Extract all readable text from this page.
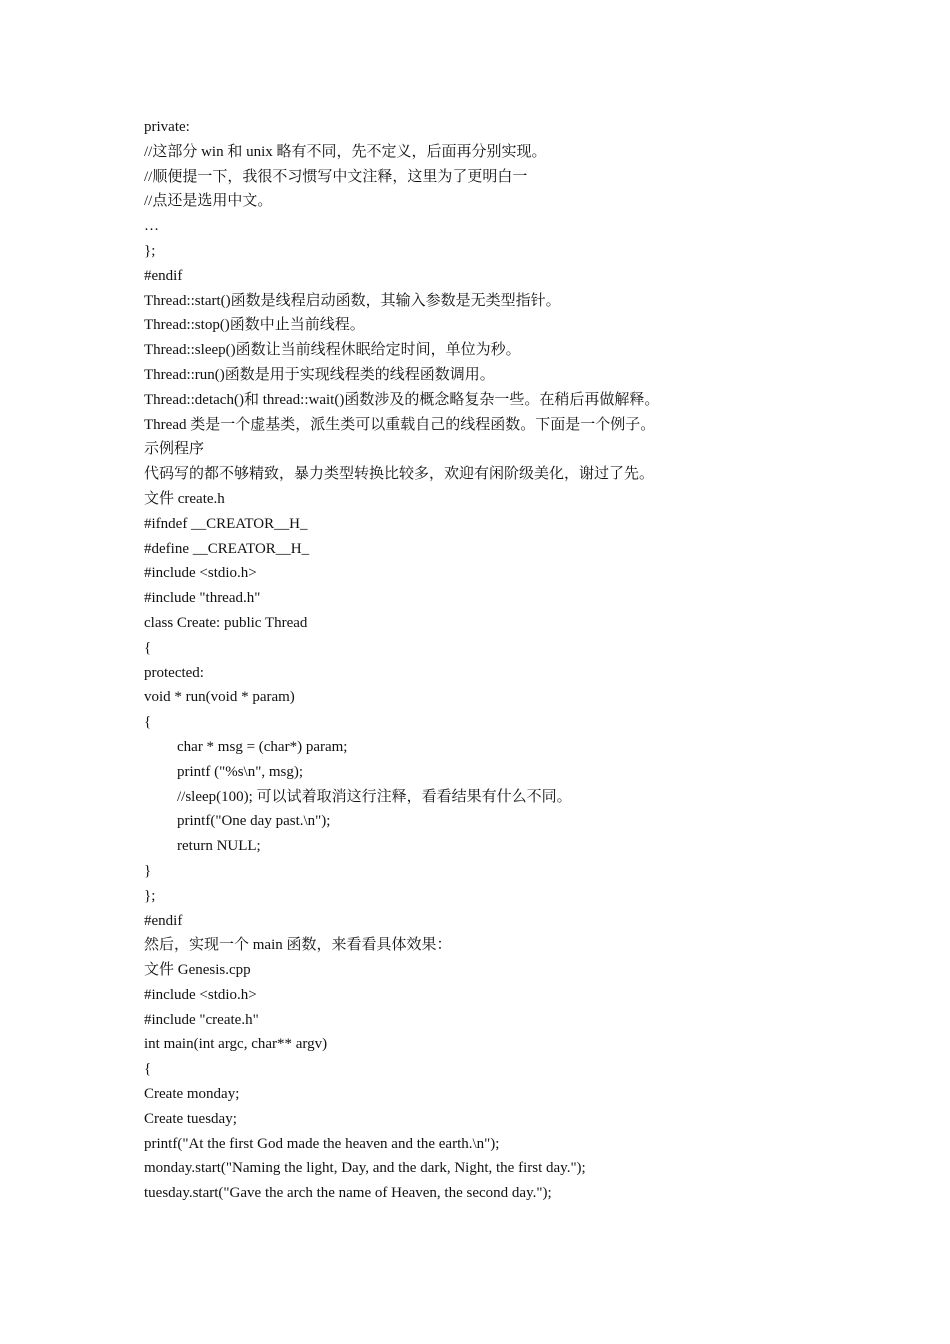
private:
//这部分 win 和 unix 略有不同，先不定义，后面再分别实现。
//顺便提一下，我很不习惯写中文注释，这里为了更明白一
//点还是选用中文。
…
};
#endif
Thread::start()函数是线程启动函数，其输入参数是无类型指针。
Thread::stop()函数中止当前线程。
Thread::sleep()函数让当前线程休眠给定时间，单位为秒。
Thread::run()函数是用于实现线程类的线程函数调用。
Thread::detach()和 thread::wait()函数涉及的概念略复杂一些。在稍后再做解释。
Thread 类是一个虚基类，派生类可以重载自己的线程函数。下面是一个例子。
示例程序
代码写的都不够精致，暴力类型转换比较多，欢迎有闲阶级美化，谢过了先。
文件 create.h
#ifndef __CREATOR__H_
#define __CREATOR__H_
#include <stdio.h>
#include "thread.h"
class Create: public Thread
{
protected:
void * run(void * param)
{
char * msg = (char*) param;
printf ("%s\n", msg);
//sleep(100); 可以试着取消这行注释，看看结果有什么不同。
printf("One day past.\n");
return NULL;
}
};
#endif
然后，实现一个 main 函数，来看看具体效果：
文件 Genesis.cpp
#include <stdio.h>
#include "create.h"
int main(int argc, char** argv)
{
Create monday;
Create tuesday;
printf("At the first God made the heaven and the earth.\n");
monday.start("Naming the light, Day, and the dark, Night, the first day.");
tuesday.start("Gave the arch the name of Heaven, the second day.");
